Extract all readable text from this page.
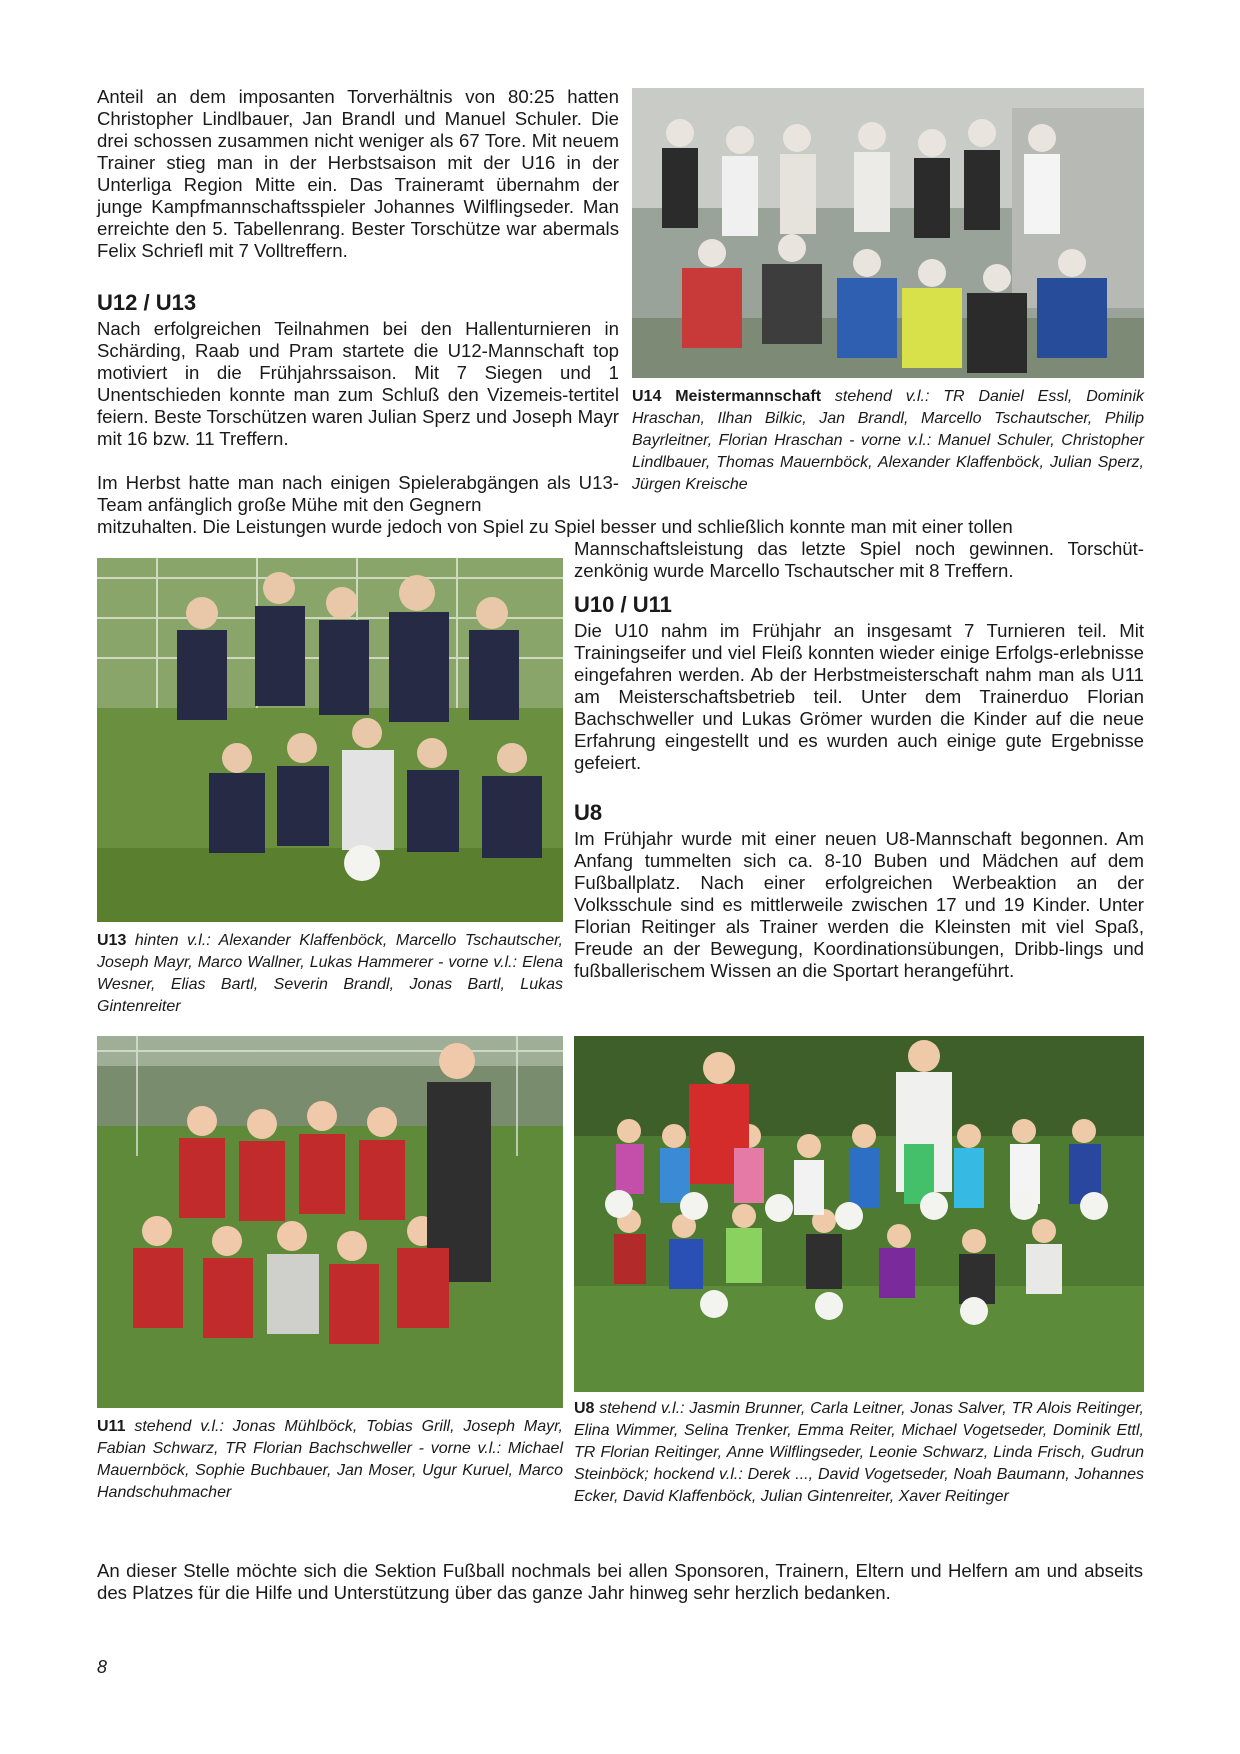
Anteil an dem imposanten Torverhältnis von 80:25 hatten Christopher Lindlbauer, Jan Brandl und Manuel Schuler. Die drei schossen zusammen nicht weniger als 67 Tore. Mit neuem Trainer stieg man in der Herbstsaison mit der U16 in der Unterliga Region Mitte ein. Das Traineramt übernahm der junge Kampfmannschaftsspieler Johannes Wilflingseder. Man erreichte den 5. Tabellenrang. Bester Torschütze war abermals Felix Schriefl mit 7 Volltreffern.

U12 / U13

Nach erfolgreichen Teilnahmen bei den Hallenturnieren in Schärding, Raab und Pram startete die U12-Mannschaft top motiviert in die Frühjahrssaison. Mit 7 Siegen und 1 Unentschieden konnte man zum Schluß den Vizemeis-tertitel feiern. Beste Torschützen waren Julian Sperz und Joseph Mayr mit 16 bzw. 11 Treffern.

Im Herbst hatte man nach einigen Spielerabgängen als U13-Team anfänglich große Mühe mit den Gegnern

mitzuhalten. Die Leistungen wurde jedoch von Spiel zu Spiel besser und schließlich konnte man mit einer tollen

Mannschaftsleistung das letzte Spiel noch gewinnen. Torschüt-zenkönig wurde Marcello Tschautscher mit 8 Treffern.

U14 Meistermannschaft stehend v.l.: TR Daniel Essl, Dominik Hraschan, Ilhan Bilkic, Jan Brandl, Marcello Tschautscher, Philip Bayrleitner, Florian Hraschan - vorne v.l.: Manuel Schuler, Christopher Lindlbauer, Thomas Mauernböck, Alexander Klaffenböck, Julian Sperz, Jürgen Kreische

U13 hinten v.l.: Alexander Klaffenböck, Marcello Tschautscher, Joseph Mayr, Marco Wallner, Lukas Hammerer - vorne v.l.: Elena Wesner, Elias Bartl, Severin Brandl, Jonas Bartl, Lukas Gintenreiter

U10 / U11

Die U10 nahm im Frühjahr an insgesamt 7 Turnieren teil. Mit Trainingseifer und viel Fleiß konnten wieder einige Erfolgs-erlebnisse eingefahren werden. Ab der Herbstmeisterschaft nahm man als U11 am Meisterschaftsbetrieb teil. Unter dem Trainerduo Florian Bachschweller und Lukas Grömer wurden die Kinder auf die neue Erfahrung eingestellt und es wurden auch einige gute Ergebnisse gefeiert.

U8

Im Frühjahr wurde mit einer neuen U8-Mannschaft begonnen. Am Anfang tummelten sich ca. 8-10 Buben und Mädchen auf dem Fußballplatz. Nach einer erfolgreichen Werbeaktion an der Volksschule sind es mittlerweile zwischen 17 und 19 Kinder. Unter Florian Reitinger als Trainer werden die Kleinsten mit viel Spaß, Freude an der Bewegung, Koordinationsübungen, Dribb-lings und fußballerischem Wissen an die Sportart herangeführt.

U11 stehend v.l.: Jonas Mühlböck, Tobias Grill, Joseph Mayr, Fabian Schwarz, TR Florian Bachschweller - vorne v.l.: Michael Mauernböck, Sophie Buchbauer, Jan Moser, Ugur Kuruel, Marco Handschuhmacher

U8 stehend v.l.: Jasmin Brunner, Carla Leitner, Jonas Salver, TR Alois Reitinger, Elina Wimmer, Selina Trenker, Emma Reiter, Michael Vogetseder, Dominik Ettl, TR Florian Reitinger, Anne Wilflingseder, Leonie Schwarz, Linda Frisch, Gudrun Steinböck; hockend v.l.: Derek ..., David Vogetseder, Noah Baumann, Johannes Ecker, David Klaffenböck, Julian Gintenreiter, Xaver Reitinger

An dieser Stelle möchte sich die Sektion Fußball nochmals bei allen Sponsoren, Trainern, Eltern und Helfern am und abseits des Platzes für die Hilfe und Unterstützung über das ganze Jahr hinweg sehr herzlich bedanken.

8
